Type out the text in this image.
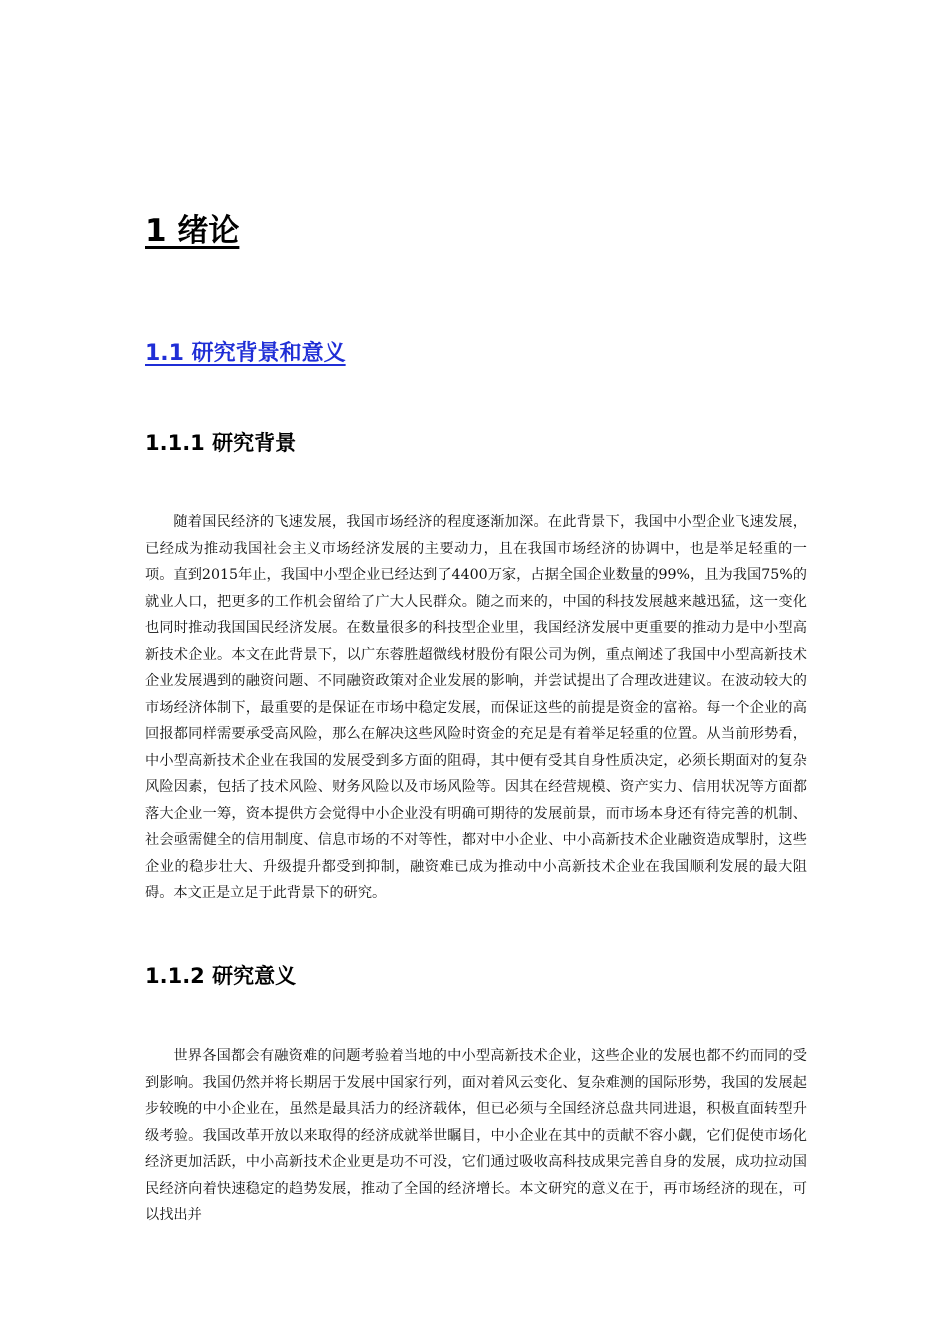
1 绪论
1.1 研究背景和意义
1.1.1 研究背景

随着国民经济的飞速发展，我国市场经济的程度逐渐加深。在此背景下，我国中小型企业飞速发展，已经成为推动我国社会主义市场经济发展的主要动力，且在我国市场经济的协调中，也是举足轻重的一项。直到2015年止，我国中小型企业已经达到了4400万家，占据全国企业数量的99%，且为我国75%的就业人口，把更多的工作机会留给了广大人民群众。随之而来的，中国的科技发展越来越迅猛，这一变化也同时推动我国国民经济发展。在数量很多的科技型企业里，我国经济发展中更重要的推动力是中小型高新技术企业。本文在此背景下，以广东蓉胜超微线材股份有限公司为例，重点阐述了我国中小型高新技术企业发展遇到的融资问题、不同融资政策对企业发展的影响，并尝试提出了合理改进建议。在波动较大的市场经济体制下，最重要的是保证在市场中稳定发展，而保证这些的前提是资金的富裕。每一个企业的高回报都同样需要承受高风险，那么在解决这些风险时资金的充足是有着举足轻重的位置。从当前形势看，中小型高新技术企业在我国的发展受到多方面的阻碍，其中便有受其自身性质决定，必须长期面对的复杂风险因素，包括了技术风险、财务风险以及市场风险等。因其在经营规模、资产实力、信用状况等方面都落大企业一筹，资本提供方会觉得中小企业没有明确可期待的发展前景，而市场本身还有待完善的机制、社会亟需健全的信用制度、信息市场的不对等性，都对中小企业、中小高新技术企业融资造成掣肘，这些企业的稳步壮大、升级提升都受到抑制，融资难已成为推动中小高新技术企业在我国顺利发展的最大阻碍。本文正是立足于此背景下的研究。

1.1.2 研究意义

世界各国都会有融资难的问题考验着当地的中小型高新技术企业，这些企业的发展也都不约而同的受到影响。我国仍然并将长期居于发展中国家行列，面对着风云变化、复杂难测的国际形势，我国的发展起步较晚的中小企业在，虽然是最具活力的经济载体，但已必须与全国经济总盘共同进退，积极直面转型升级考验。我国改革开放以来取得的经济成就举世瞩目，中小企业在其中的贡献不容小觑，它们促使市场化经济更加活跃，中小高新技术企业更是功不可没，它们通过吸收高科技成果完善自身的发展，成功拉动国民经济向着快速稳定的趋势发展，推动了全国的经济增长。本文研究的意义在于，再市场经济的现在，可以找出并
